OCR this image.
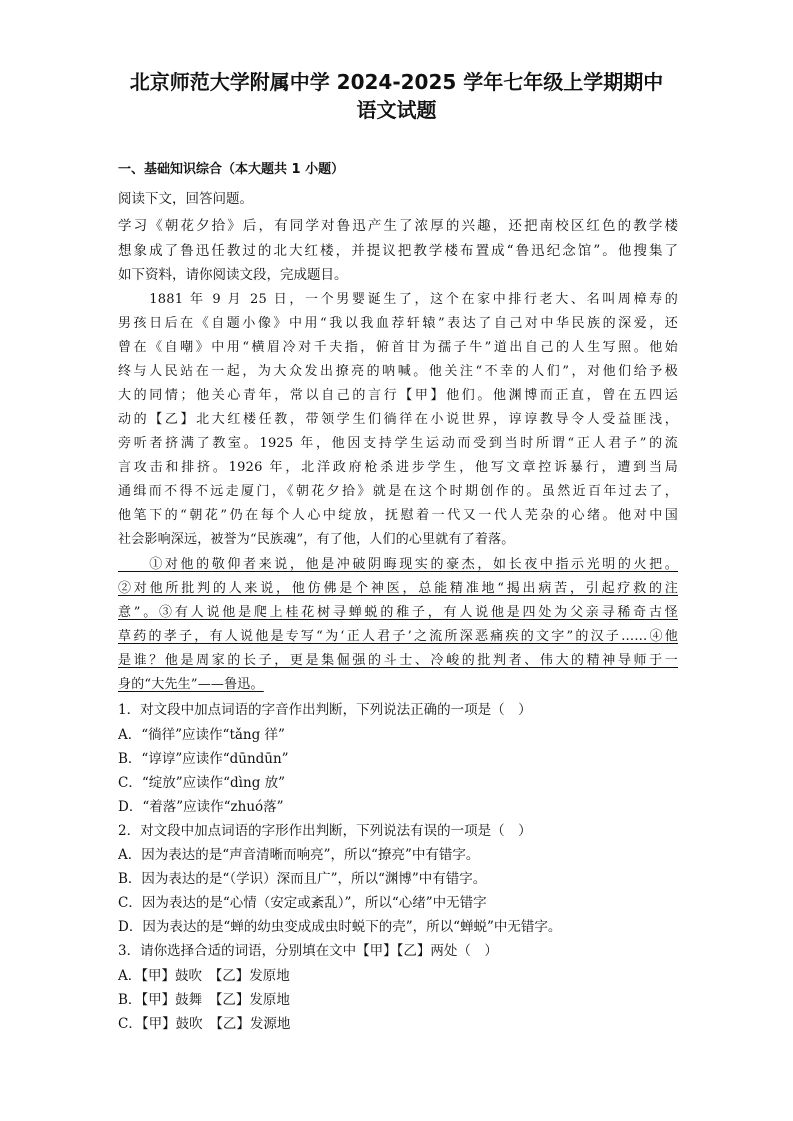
北京师范大学附属中学 2024-2025 学年七年级上学期期中
语文试题
一、基础知识综合（本大题共 1 小题）
阅读下文，回答问题。
学习《朝花夕拾》后，有同学对鲁迅产生了浓厚的兴趣，还把南校区红色的教学楼
想象成了鲁迅任教过的北大红楼，并提议把教学楼布置成“鲁迅纪念馆”。他搜集了
如下资料，请你阅读文段，完成题目。
　　1881 年 9 月 25 日，一个男婴诞生了，这个在家中排行老大、名叫周樟寿的
男孩日后在《自题小像》中用“我以我血荐轩辕”表达了自己对中华民族的深爱，还
曾在《自嘲》中用“横眉冷对千夫指，俯首甘为孺子牛”道出自己的人生写照。他始
终与人民站在一起，为大众发出撩亮的呐喊。他关注“不幸的人们”，对他们给予极
大的同情；他关心青年，常以自己的言行【甲】他们。他渊博而正直，曾在五四运
动的【乙】北大红楼任教，带领学生们徜徉在小说世界，谆谆教导令人受益匪浅，
旁听者挤满了教室。1925 年，他因支持学生运动而受到当时所谓“正人君子”的流
言攻击和排挤。1926 年，北洋政府枪杀进步学生，他写文章控诉暴行，遭到当局
通缉而不得不远走厦门，《朝花夕拾》就是在这个时期创作的。虽然近百年过去了，
他笔下的“朝花”仍在每个人心中绽放，抚慰着一代又一代人芜杂的心绪。他对中国
社会影响深远，被誉为“民族魂”，有了他，人们的心里就有了着落。
　　①对他的敬仰者来说，他是冲破阴晦现实的豪杰，如长夜中指示光明的火把。
②对他所批判的人来说，他仿佛是个神医，总能精准地“揭出病苦，引起疗救的注
意”。③有人说他是爬上桂花树寻蝉蜕的稚子，有人说他是四处为父亲寻稀奇古怪
草药的孝子，有人说他是专写“为‘正人君子’之流所深恶痛疾的文字”的汉子……④他
是谁？他是周家的长子，更是集倔强的斗士、冷峻的批判者、伟大的精神导师于一
身的“大先生”——鲁迅。
1．对文段中加点词语的字音作出判断，下列说法正确的一项是（　）
A．“徜徉”应读作“tǎng 徉”
B．“谆谆”应读作“dūndūn”
C．“绽放”应读作“dìng 放”
D．“着落”应读作“zhuó落”
2．对文段中加点词语的字形作出判断，下列说法有误的一项是（　）
A．因为表达的是“声音清晰而响亮”，所以“撩亮”中有错字。
B．因为表达的是“（学识）深而且广”，所以“渊博”中有错字。
C．因为表达的是“心情（安定或紊乱）”，所以“心绪”中无错字
D．因为表达的是“蝉的幼虫变成成虫时蜕下的壳”，所以“蝉蜕”中无错字。
3．请你选择合适的词语，分别填在文中【甲】【乙】两处（　）
A．【甲】鼓吹　【乙】发原地
B．【甲】鼓舞　【乙】发原地
C．【甲】鼓吹　【乙】发源地
